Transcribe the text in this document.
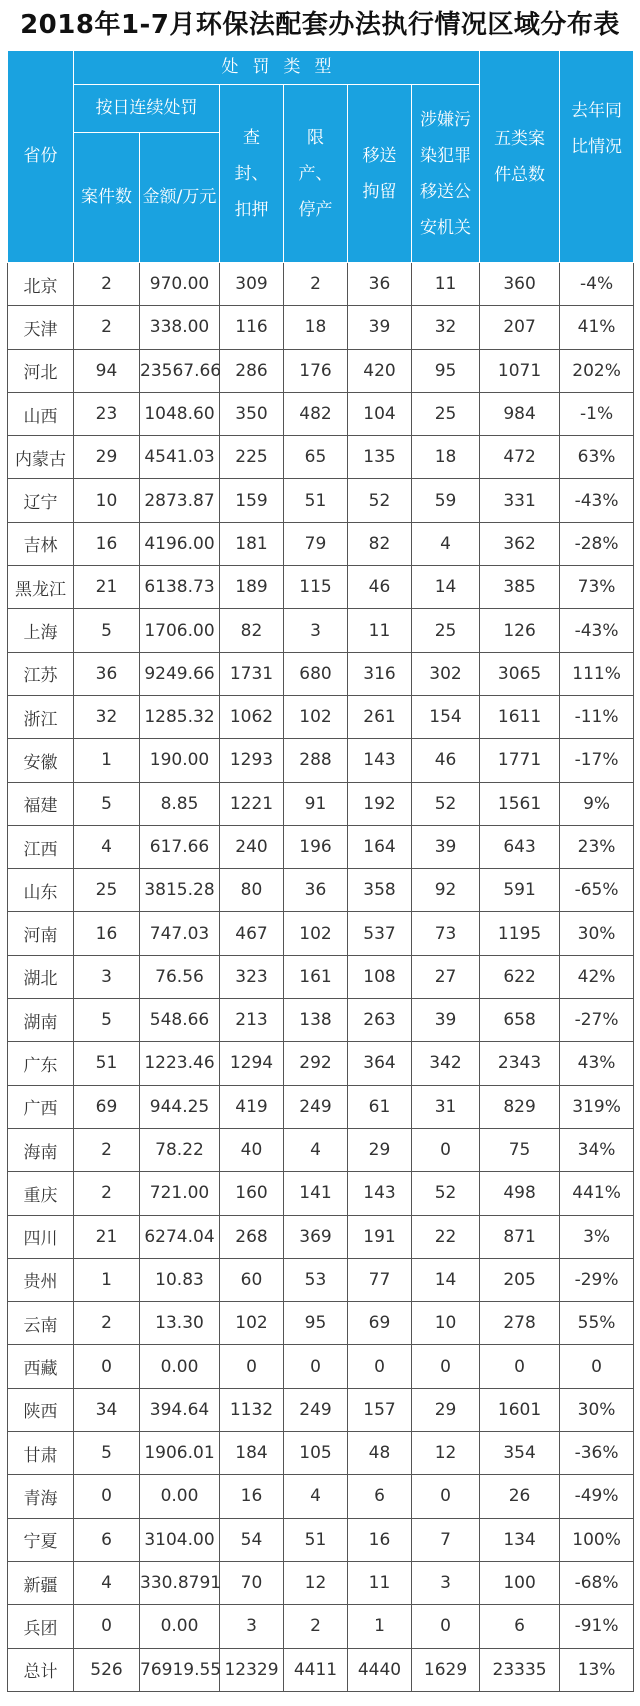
2018年1-7月环保法配套办法执行情况区域分布表
省份	处罚类型						五类案件总数	去年同比情况
	按日连续处罚		查封、扣押	限产、停产	移送拘留	涉嫌污染犯罪移送公安机关		
	案件数	金额/万元						
北京	2	970.00	309	2	36	11	360	-4%
天津	2	338.00	116	18	39	32	207	41%
河北	94	23567.66	286	176	420	95	1071	202%
山西	23	1048.60	350	482	104	25	984	-1%
内蒙古	29	4541.03	225	65	135	18	472	63%
辽宁	10	2873.87	159	51	52	59	331	-43%
吉林	16	4196.00	181	79	82	4	362	-28%
黑龙江	21	6138.73	189	115	46	14	385	73%
上海	5	1706.00	82	3	11	25	126	-43%
江苏	36	9249.66	1731	680	316	302	3065	111%
浙江	32	1285.32	1062	102	261	154	1611	-11%
安徽	1	190.00	1293	288	143	46	1771	-17%
福建	5	8.85	1221	91	192	52	1561	9%
江西	4	617.66	240	196	164	39	643	23%
山东	25	3815.28	80	36	358	92	591	-65%
河南	16	747.03	467	102	537	73	1195	30%
湖北	3	76.56	323	161	108	27	622	42%
湖南	5	548.66	213	138	263	39	658	-27%
广东	51	1223.46	1294	292	364	342	2343	43%
广西	69	944.25	419	249	61	31	829	319%
海南	2	78.22	40	4	29	0	75	34%
重庆	2	721.00	160	141	143	52	498	441%
四川	21	6274.04	268	369	191	22	871	3%
贵州	1	10.83	60	53	77	14	205	-29%
云南	2	13.30	102	95	69	10	278	55%
西藏	0	0.00	0	0	0	0	0	0
陕西	34	394.64	1132	249	157	29	1601	30%
甘肃	5	1906.01	184	105	48	12	354	-36%
青海	0	0.00	16	4	6	0	26	-49%
宁夏	6	3104.00	54	51	16	7	134	100%
新疆	4	330.8791	70	12	11	3	100	-68%
兵团	0	0.00	3	2	1	0	6	-91%
总计	526	76919.55	12329	4411	4440	1629	23335	13%
